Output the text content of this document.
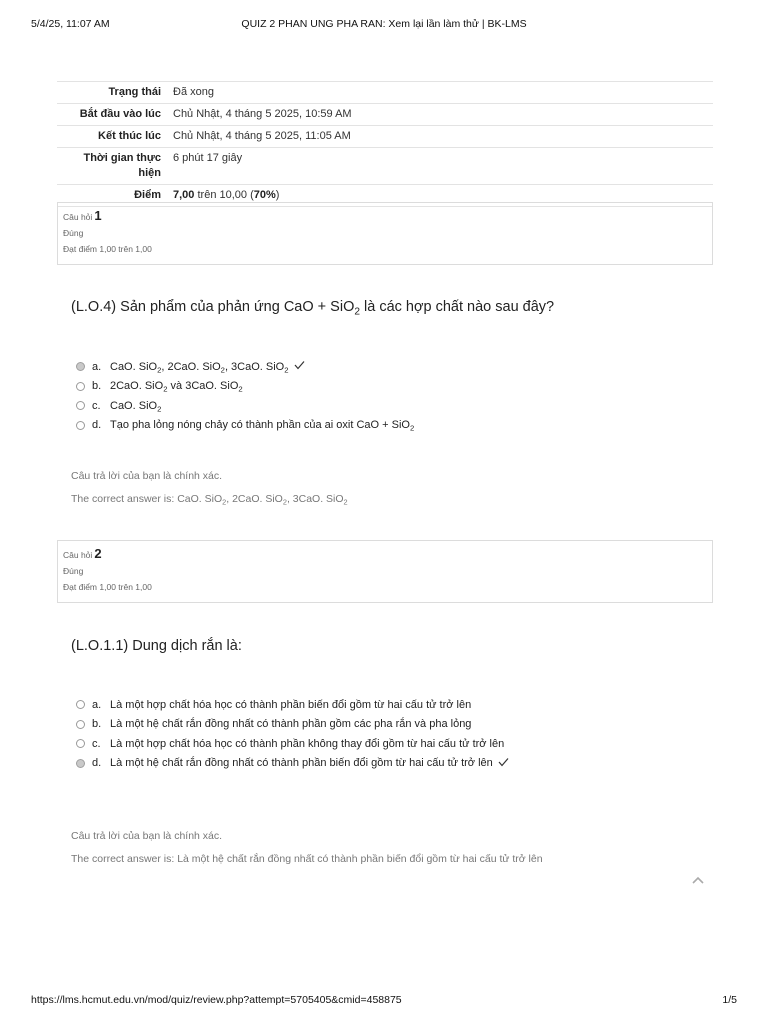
5/4/25, 11:07 AM	QUIZ 2 PHAN UNG PHA RAN: Xem lại lần làm thử | BK-LMS
Trạng thái	Đã xong
Bắt đầu vào lúc	Chủ Nhật, 4 tháng 5 2025, 10:59 AM
Kết thúc lúc	Chủ Nhật, 4 tháng 5 2025, 11:05 AM
Thời gian thực hiện	6 phút 17 giây
Điểm	7,00 trên 10,00 (70%)
Câu hỏi 1
Đúng
Đạt điểm 1,00 trên 1,00
(L.O.4) Sản phẩm của phản ứng CaO + SiO$_2$ là các hợp chất nào sau đây?
a. CaO. SiO$_2$, 2CaO. SiO$_2$, 3CaO. SiO$_2$
b. 2CaO. SiO$_2$ và 3CaO. SiO$_2$
c. CaO. SiO$_2$
d. Tạo pha lỏng nóng chảy có thành phần của ai oxit CaO + SiO$_2$
Câu trả lời của bạn là chính xác.
The correct answer is: CaO. SiO$_2$, 2CaO. SiO$_2$, 3CaO. SiO$_2$
Câu hỏi 2
Đúng
Đạt điểm 1,00 trên 1,00
(L.O.1.1) Dung dịch rắn là:
a. Là một hợp chất hóa học có thành phần biến đổi gồm từ hai cấu tử trở lên
b. Là một hệ chất rắn đồng nhất có thành phần gồm các pha rắn và pha lỏng
c. Là một hợp chất hóa học có thành phần không thay đổi gồm từ hai cấu tử trở lên
d. Là một hệ chất rắn đồng nhất có thành phần biến đổi gồm từ hai cấu tử trở lên
Câu trả lời của bạn là chính xác.
The correct answer is: Là một hệ chất rắn đồng nhất có thành phần biến đổi gồm từ hai cấu tử trở lên
https://lms.hcmut.edu.vn/mod/quiz/review.php?attempt=5705405&cmid=458875	1/5
